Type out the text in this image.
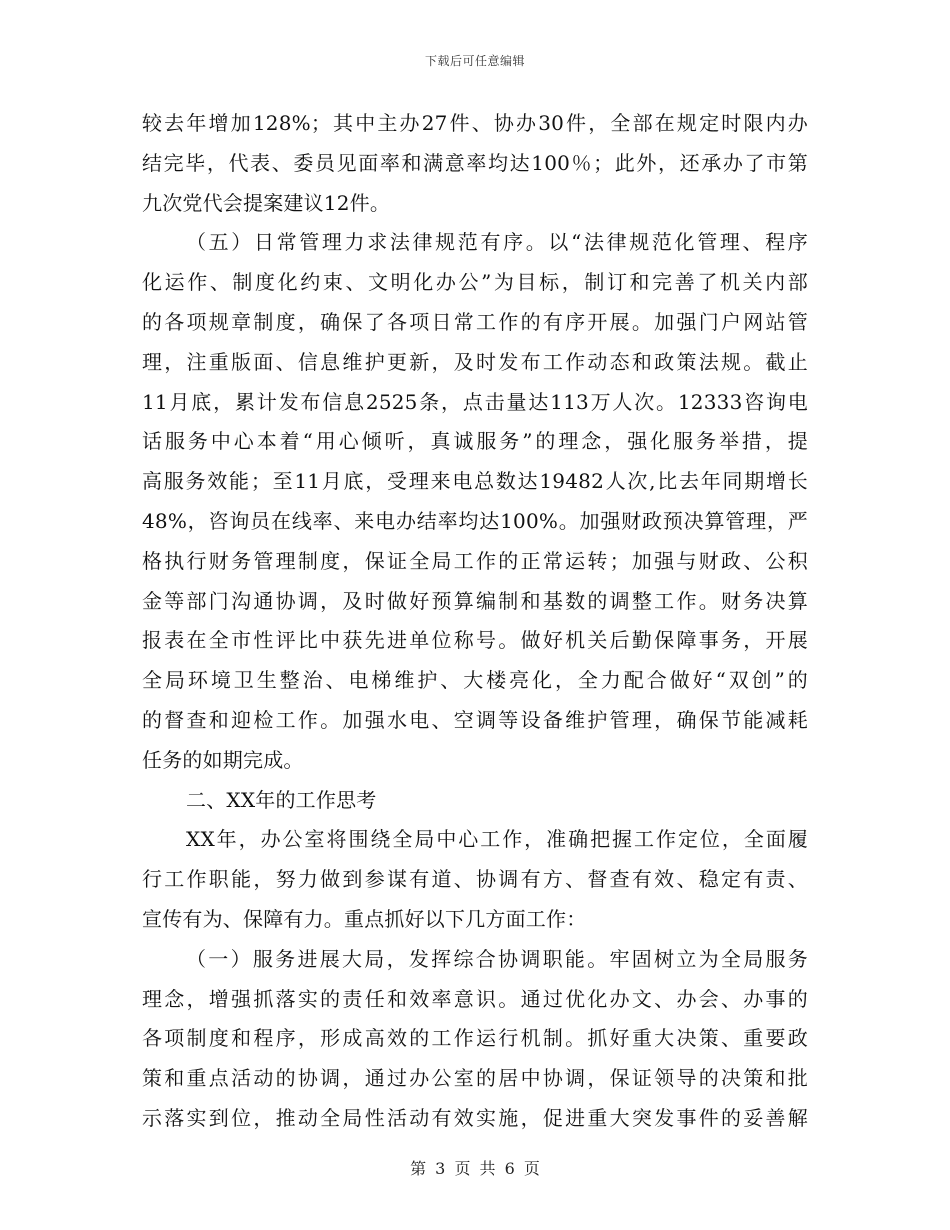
下载后可任意编辑
较去年增加128%；其中主办27件、协办30件，全部在规定时限内办
结完毕，代表、委员见面率和满意率均达100％；此外，还承办了市第
九次党代会提案建议12件。
（五）日常管理力求法律规范有序。以“法律规范化管理、程序
化运作、制度化约束、文明化办公”为目标，制订和完善了机关内部
的各项规章制度，确保了各项日常工作的有序开展。加强门户网站管
理，注重版面、信息维护更新，及时发布工作动态和政策法规。截止
11月底，累计发布信息2525条，点击量达113万人次。12333咨询电
话服务中心本着“用心倾听，真诚服务”的理念，强化服务举措，提
高服务效能；至11月底，受理来电总数达19482人次,比去年同期增长
48%，咨询员在线率、来电办结率均达100%。加强财政预决算管理，严
格执行财务管理制度，保证全局工作的正常运转；加强与财政、公积
金等部门沟通协调，及时做好预算编制和基数的调整工作。财务决算
报表在全市性评比中获先进单位称号。做好机关后勤保障事务，开展
全局环境卫生整治、电梯维护、大楼亮化，全力配合做好“双创”的
的督查和迎检工作。加强水电、空调等设备维护管理，确保节能减耗
任务的如期完成。
二、XX年的工作思考
XX年，办公室将围绕全局中心工作，准确把握工作定位，全面履
行工作职能，努力做到参谋有道、协调有方、督查有效、稳定有责、
宣传有为、保障有力。重点抓好以下几方面工作：
（一）服务进展大局，发挥综合协调职能。牢固树立为全局服务
理念，增强抓落实的责任和效率意识。通过优化办文、办会、办事的
各项制度和程序，形成高效的工作运行机制。抓好重大决策、重要政
策和重点活动的协调，通过办公室的居中协调，保证领导的决策和批
示落实到位，推动全局性活动有效实施，促进重大突发事件的妥善解
第 3 页 共 6 页
